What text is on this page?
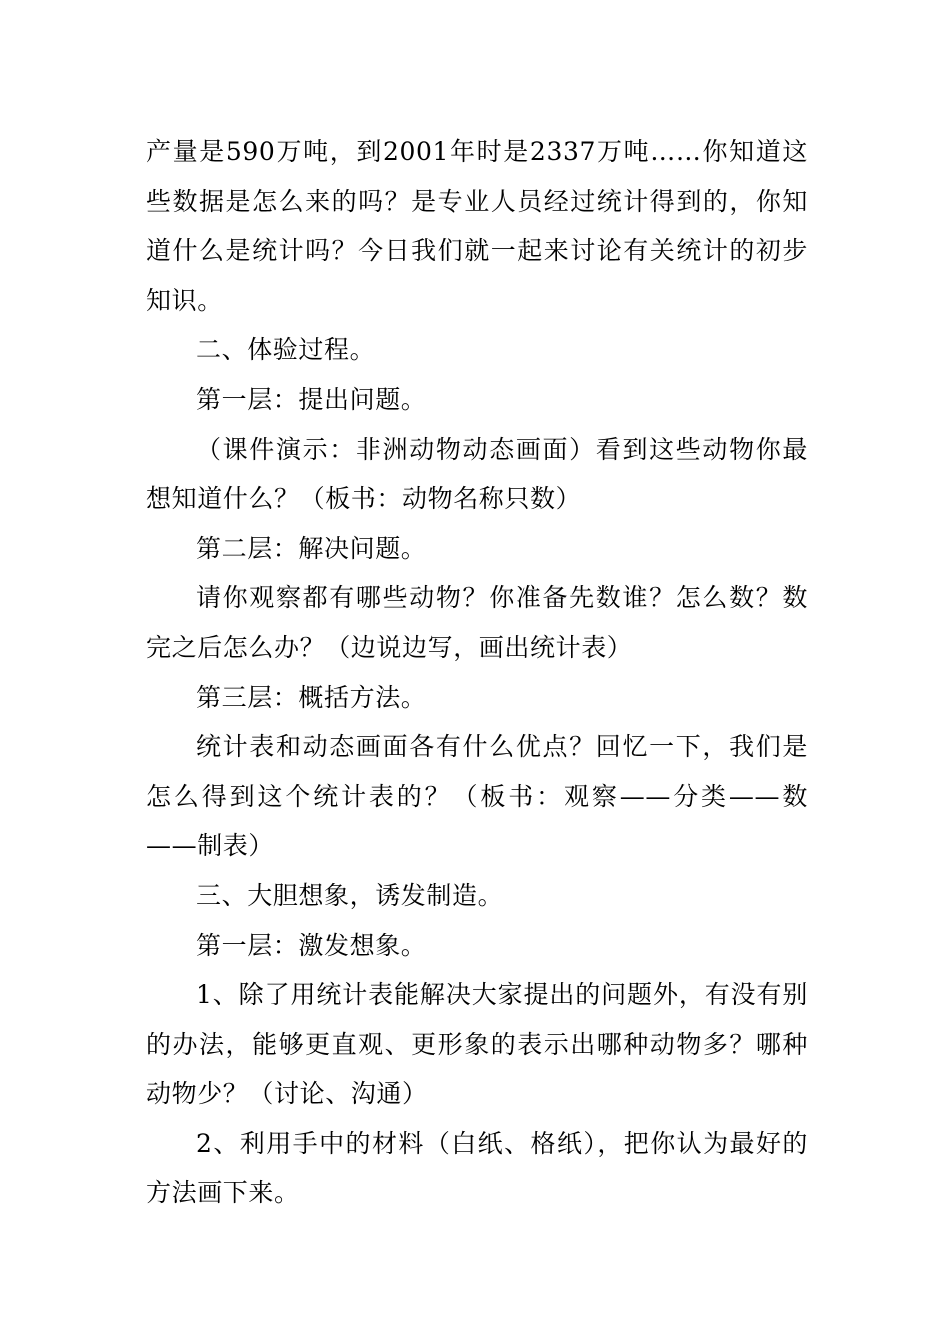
产量是590万吨，到2001年时是2337万吨……你知道这些数据是怎么来的吗？是专业人员经过统计得到的，你知道什么是统计吗？今日我们就一起来讨论有关统计的初步知识。

二、体验过程。

第一层：提出问题。

（课件演示：非洲动物动态画面）看到这些动物你最想知道什么？（板书：动物名称只数）

第二层：解决问题。

请你观察都有哪些动物？你准备先数谁？怎么数？数完之后怎么办？（边说边写，画出统计表）

第三层：概括方法。

统计表和动态画面各有什么优点？回忆一下，我们是怎么得到这个统计表的？（板书：观察——分类——数——制表）

三、大胆想象，诱发制造。

第一层：激发想象。

1、除了用统计表能解决大家提出的问题外，有没有别的办法，能够更直观、更形象的表示出哪种动物多？哪种动物少？（讨论、沟通）

2、利用手中的材料（白纸、格纸），把你认为最好的方法画下来。
